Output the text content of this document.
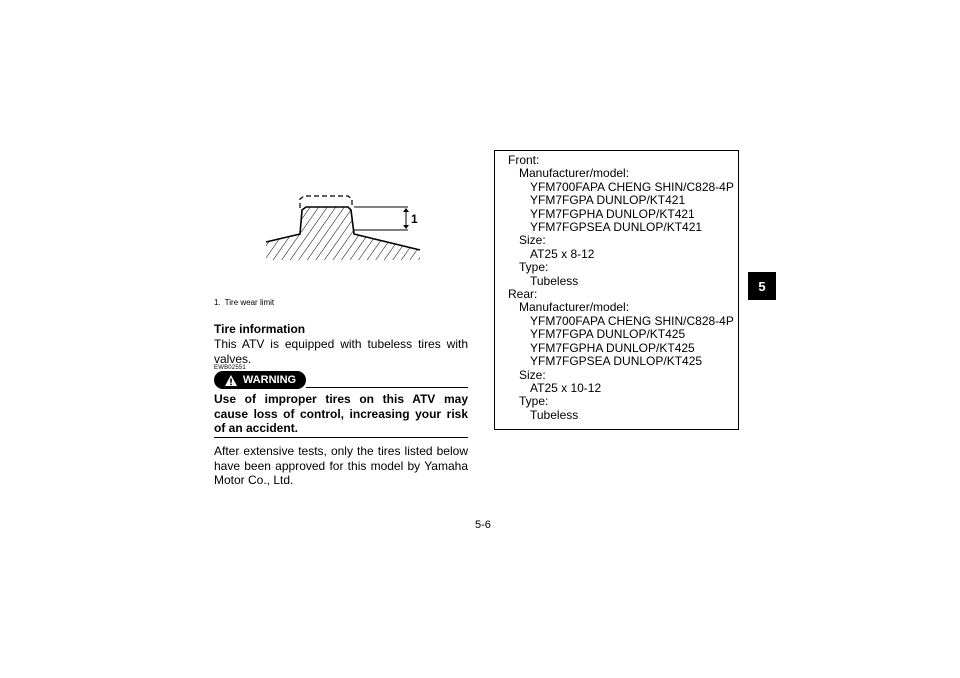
1
1. Tire wear limit
Tire information
This ATV is equipped with tubeless tires with
valves.
EWB02551
WARNING
Use of improper tires on this ATV may cause loss of control, increasing your risk of an accident.
After extensive tests, only the tires listed below have been approved for this model by Yamaha Motor Co., Ltd.
Front:
Manufacturer/model:
YFM700FAPA CHENG SHIN/C828-4P
YFM7FGPA DUNLOP/KT421
YFM7FGPHA DUNLOP/KT421
YFM7FGPSEA DUNLOP/KT421
Size:
AT25 x 8-12
Type:
Tubeless
Rear:
Manufacturer/model:
YFM700FAPA CHENG SHIN/C828-4P
YFM7FGPA DUNLOP/KT425
YFM7FGPHA DUNLOP/KT425
YFM7FGPSEA DUNLOP/KT425
Size:
AT25 x 10-12
Type:
Tubeless
5-6
5
